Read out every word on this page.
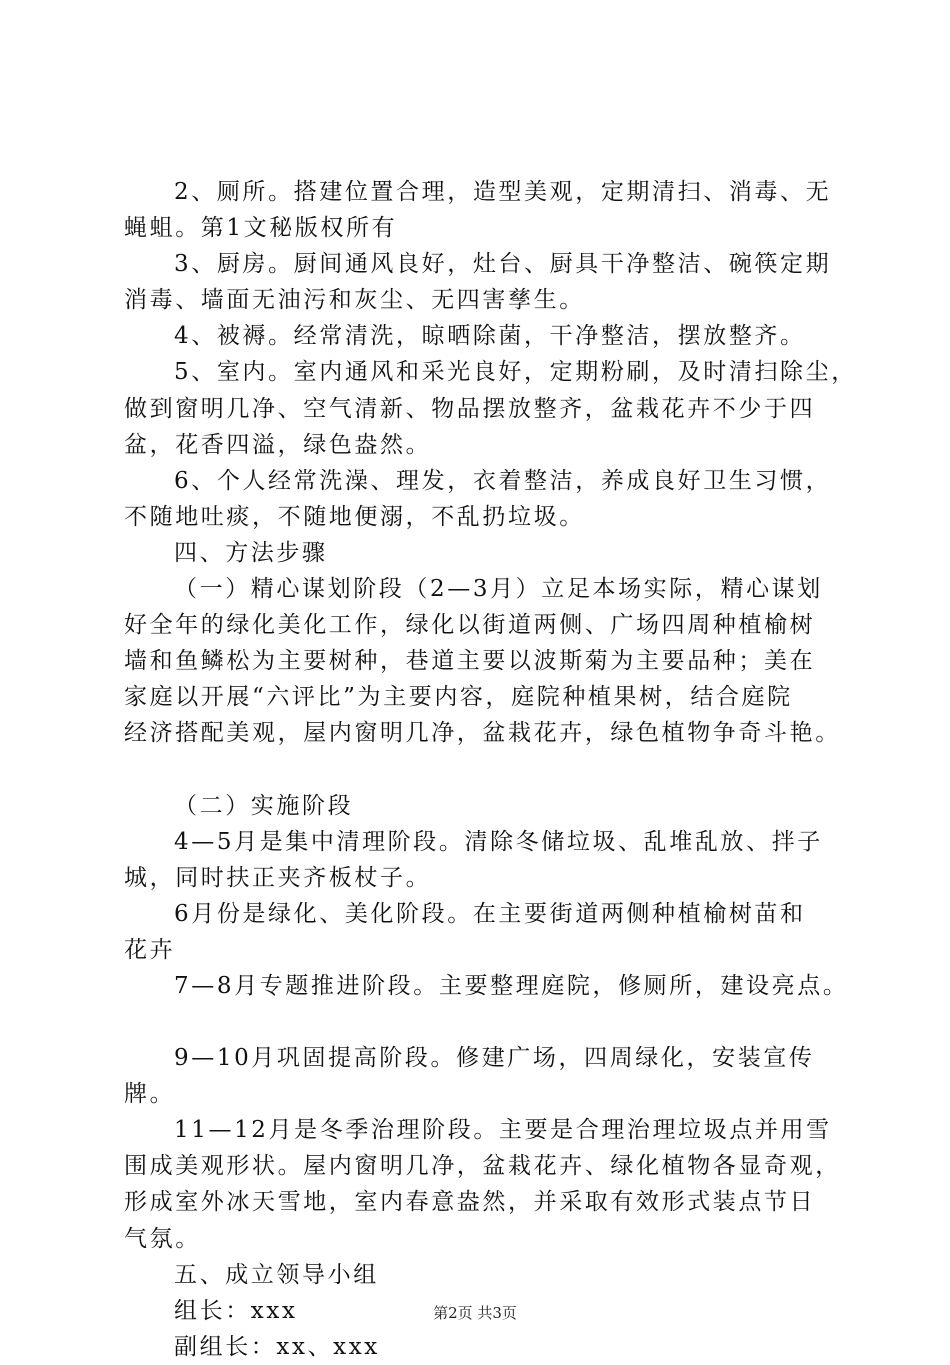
2、厕所。搭建位置合理，造型美观，定期清扫、消毒、无
蝇蛆。第1文秘版权所有
3、厨房。厨间通风良好，灶台、厨具干净整洁、碗筷定期
消毒、墙面无油污和灰尘、无四害孳生。
4、被褥。经常清洗，晾晒除菌，干净整洁，摆放整齐。
5、室内。室内通风和采光良好，定期粉刷，及时清扫除尘，
做到窗明几净、空气清新、物品摆放整齐，盆栽花卉不少于四
盆，花香四溢，绿色盎然。
6、个人经常洗澡、理发，衣着整洁，养成良好卫生习惯，
不随地吐痰，不随地便溺，不乱扔垃圾。
四、方法步骤
（一）精心谋划阶段（2—3月）立足本场实际，精心谋划
好全年的绿化美化工作，绿化以街道两侧、广场四周种植榆树
墙和鱼鳞松为主要树种，巷道主要以波斯菊为主要品种；美在
家庭以开展“六评比”为主要内容，庭院种植果树，结合庭院
经济搭配美观，屋内窗明几净，盆栽花卉，绿色植物争奇斗艳。
（二）实施阶段
4—5月是集中清理阶段。清除冬储垃圾、乱堆乱放、拌子
城，同时扶正夹齐板杖子。
6月份是绿化、美化阶段。在主要街道两侧种植榆树苗和
花卉
7—8月专题推进阶段。主要整理庭院，修厕所，建设亮点。
9—10月巩固提高阶段。修建广场，四周绿化，安装宣传
牌。
11—12月是冬季治理阶段。主要是合理治理垃圾点并用雪
围成美观形状。屋内窗明几净，盆栽花卉、绿化植物各显奇观，
形成室外冰天雪地，室内春意盎然，并采取有效形式装点节日
气氛。
五、成立领导小组
组长：xxx
副组长：xx、xxx
第2页 共3页
